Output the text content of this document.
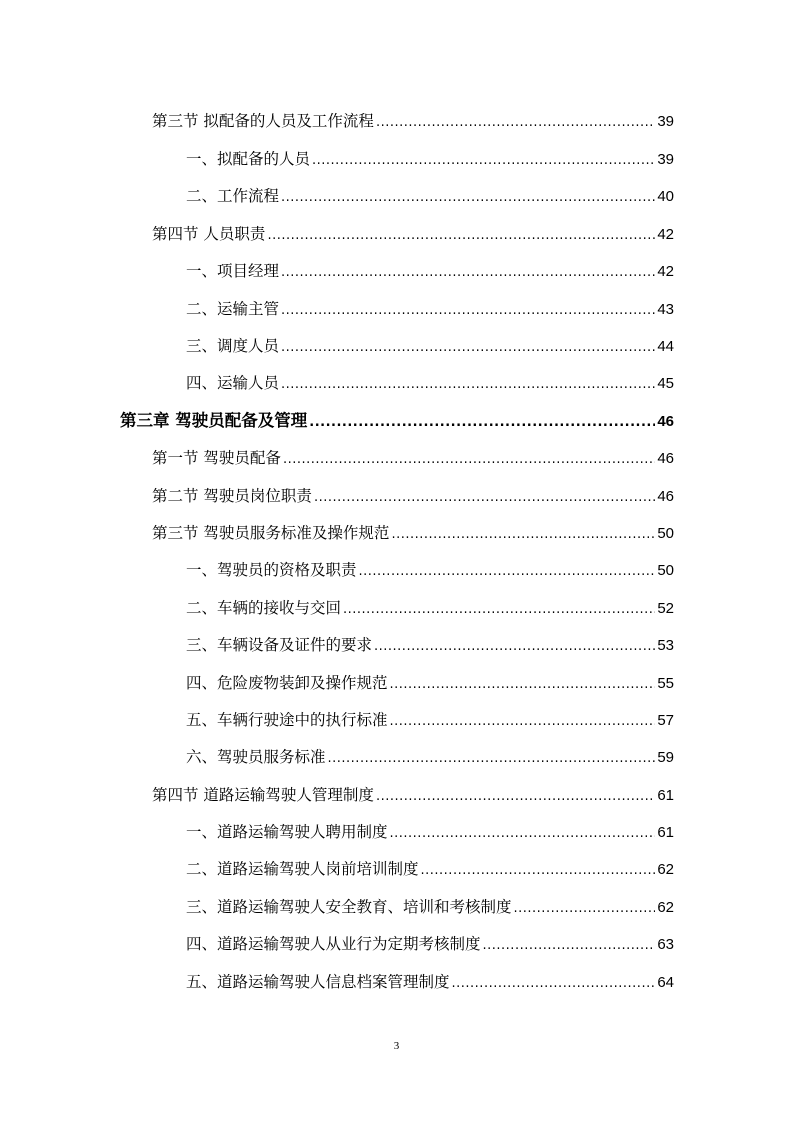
第三节 拟配备的人员及工作流程 .....	39
一、拟配备的人员 .....	39
二、工作流程 .....	40
第四节 人员职责 .....	42
一、项目经理 .....	42
二、运输主管 .....	43
三、调度人员 .....	44
四、运输人员 .....	45
第三章 驾驶员配备及管理 .....	46
第一节 驾驶员配备 .....	46
第二节 驾驶员岗位职责 .....	46
第三节 驾驶员服务标准及操作规范 .....	50
一、驾驶员的资格及职责 .....	50
二、车辆的接收与交回 .....	52
三、车辆设备及证件的要求 .....	53
四、危险废物装卸及操作规范 .....	55
五、车辆行驶途中的执行标准 .....	57
六、驾驶员服务标准 .....	59
第四节 道路运输驾驶人管理制度 .....	61
一、道路运输驾驶人聘用制度 .....	61
二、道路运输驾驶人岗前培训制度 .....	62
三、道路运输驾驶人安全教育、培训和考核制度 .....	62
四、道路运输驾驶人从业行为定期考核制度 .....	63
五、道路运输驾驶人信息档案管理制度 .....	64
3
